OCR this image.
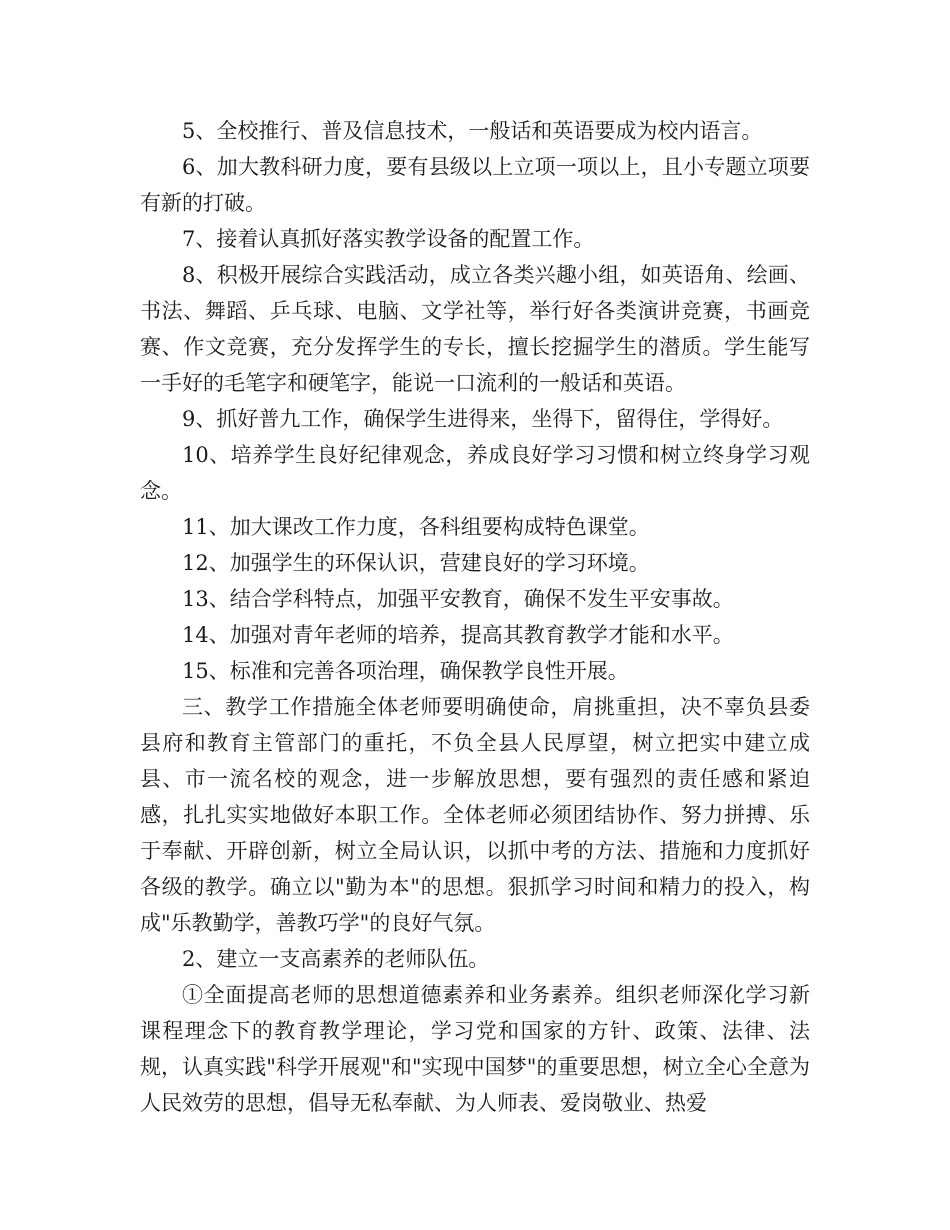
5、全校推行、普及信息技术，一般话和英语要成为校内语言。

6、加大教科研力度，要有县级以上立项一项以上，且小专题立项要有新的打破。

7、接着认真抓好落实教学设备的配置工作。

8、积极开展综合实践活动，成立各类兴趣小组，如英语角、绘画、书法、舞蹈、乒乓球、电脑、文学社等，举行好各类演讲竞赛，书画竞赛、作文竞赛，充分发挥学生的专长，擅长挖掘学生的潜质。学生能写一手好的毛笔字和硬笔字，能说一口流利的一般话和英语。

9、抓好普九工作，确保学生进得来，坐得下，留得住，学得好。

10、培养学生良好纪律观念，养成良好学习习惯和树立终身学习观念。

11、加大课改工作力度，各科组要构成特色课堂。

12、加强学生的环保认识，营建良好的学习环境。

13、结合学科特点，加强平安教育，确保不发生平安事故。

14、加强对青年老师的培养，提高其教育教学才能和水平。

15、标准和完善各项治理，确保教学良性开展。

三、教学工作措施全体老师要明确使命，肩挑重担，决不辜负县委县府和教育主管部门的重托，不负全县人民厚望，树立把实中建立成县、市一流名校的观念，进一步解放思想，要有强烈的责任感和紧迫感，扎扎实实地做好本职工作。全体老师必须团结协作、努力拼搏、乐于奉献、开辟创新，树立全局认识，以抓中考的方法、措施和力度抓好各级的教学。确立以"勤为本"的思想。狠抓学习时间和精力的投入，构成"乐教勤学，善教巧学"的良好气氛。

2、建立一支高素养的老师队伍。

①全面提高老师的思想道德素养和业务素养。组织老师深化学习新课程理念下的教育教学理论，学习党和国家的方针、政策、法律、法规，认真实践"科学开展观"和"实现中国梦"的重要思想，树立全心全意为人民效劳的思想，倡导无私奉献、为人师表、爱岗敬业、热爱
